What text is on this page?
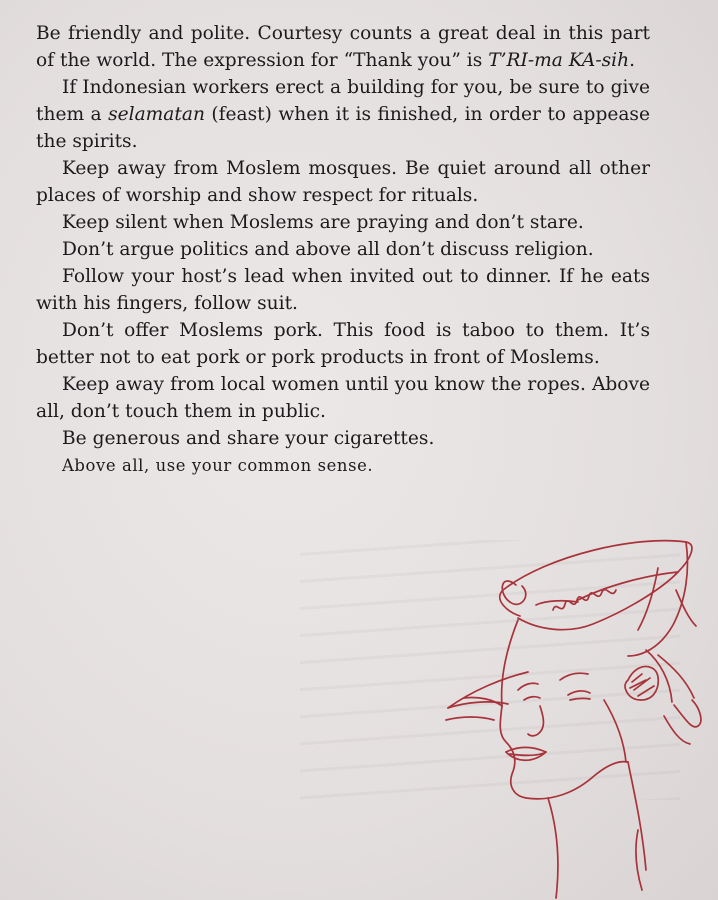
Be friendly and polite. Courtesy counts a great deal in this part of the world. The expression for “Thank you” is T’RI-ma KA-sih.

If Indonesian workers erect a building for you, be sure to give them a selamatan (feast) when it is finished, in order to appease the spirits.

Keep away from Moslem mosques. Be quiet around all other places of worship and show respect for rituals.

Keep silent when Moslems are praying and don’t stare.

Don’t argue politics and above all don’t discuss religion.

Follow your host’s lead when invited out to dinner. If he eats with his fingers, follow suit.

Don’t offer Moslems pork. This food is taboo to them. It’s better not to eat pork or pork products in front of Moslems.

Keep away from local women until you know the ropes. Above all, don’t touch them in public.

Be generous and share your cigarettes.

Above all, use your common sense.
